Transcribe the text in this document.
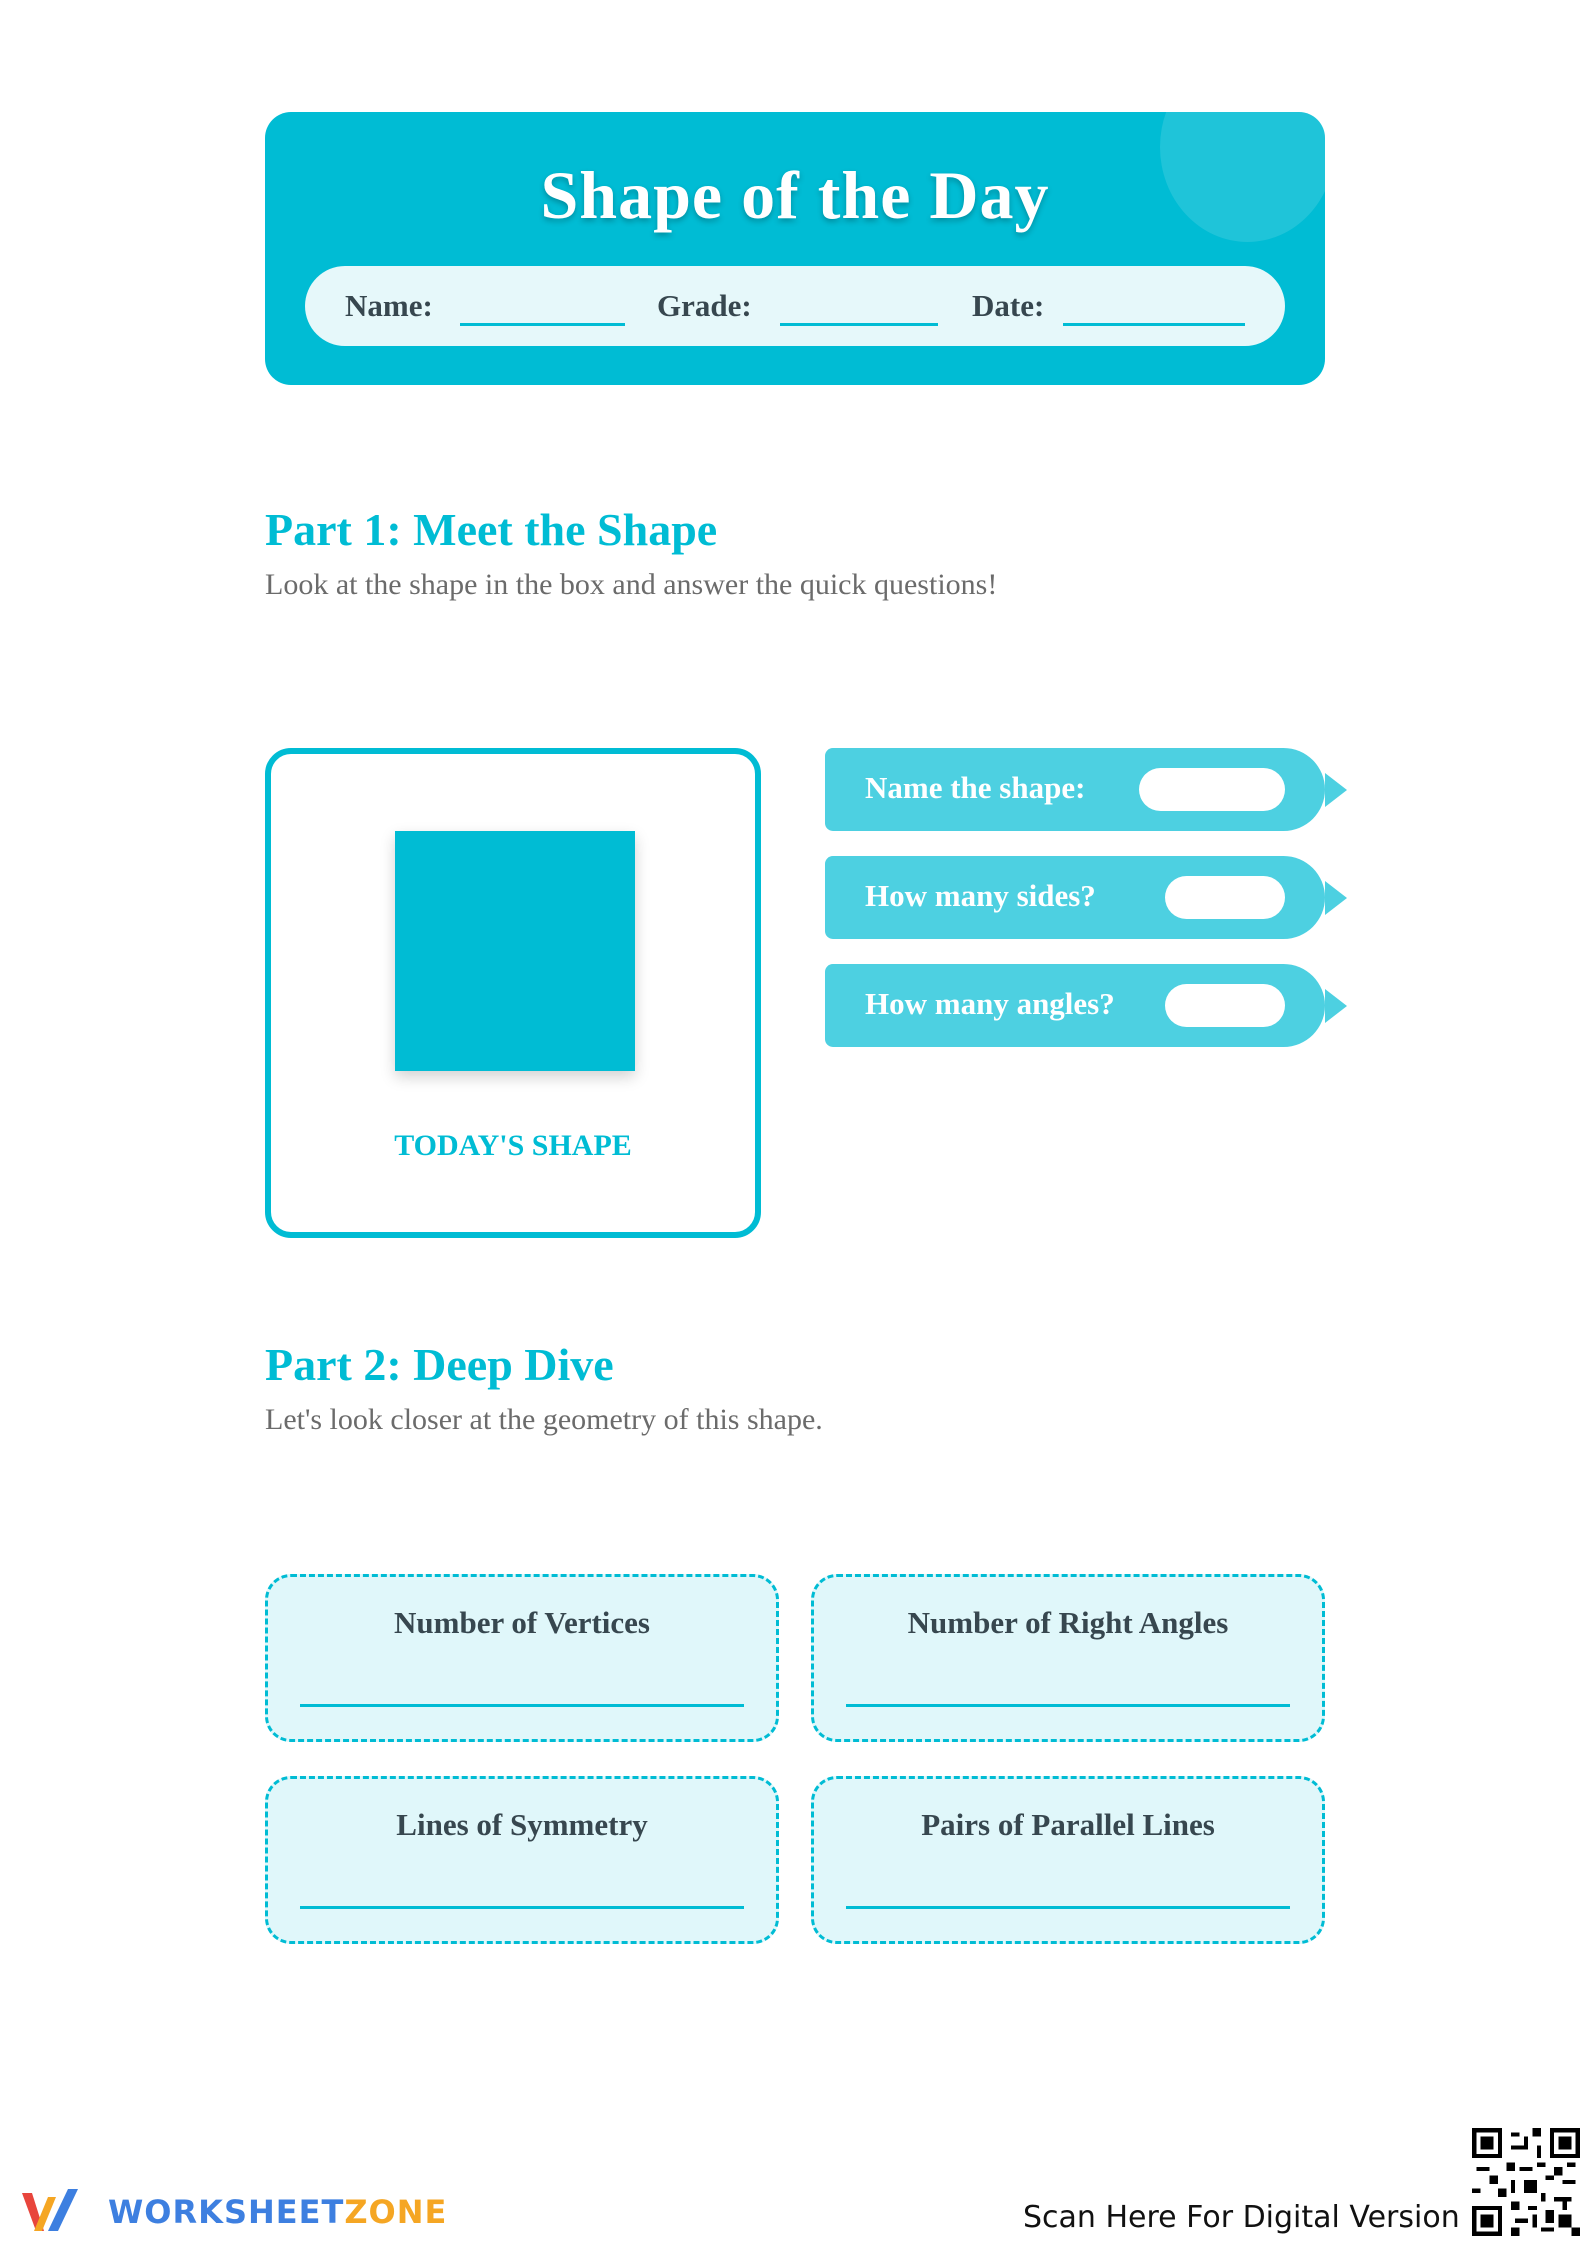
Shape of the Day
Name:	Grade:	Date:
Part 1: Meet the Shape
Look at the shape in the box and answer the quick questions!
TODAY'S SHAPE
Name the shape:
How many sides?
How many angles?
Part 2: Deep Dive
Let's look closer at the geometry of this shape.
Number of Vertices	Number of Right Angles
Lines of Symmetry	Pairs of Parallel Lines
WORKSHEETZONE	Scan Here For Digital Version
